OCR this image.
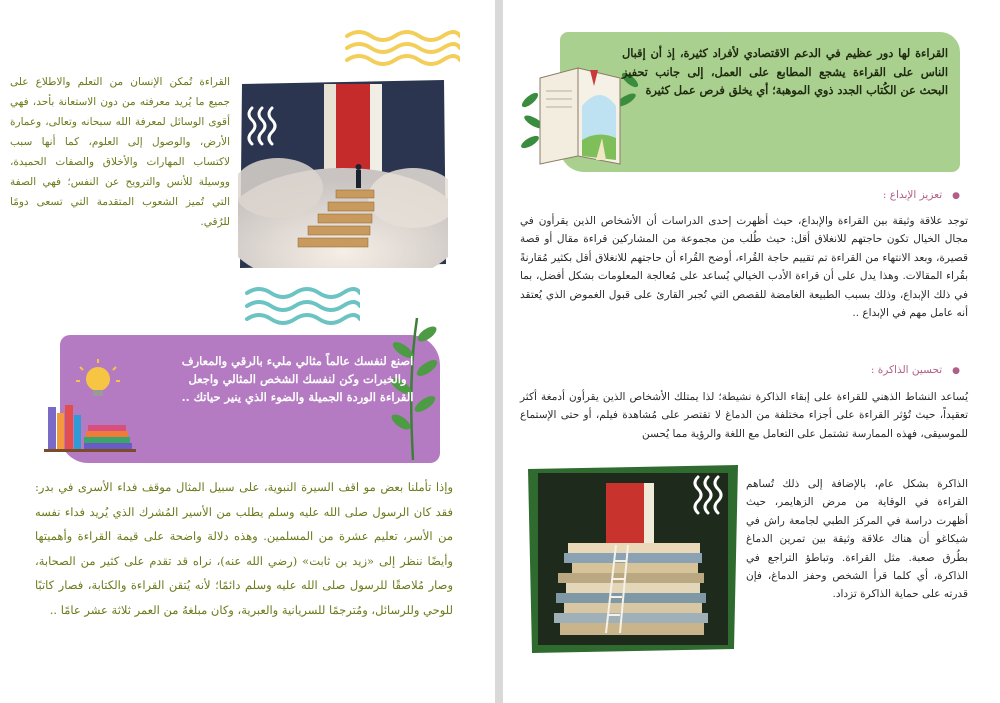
القراءة تُمكن الإنسان من التعلم والاطلاع على جميع ما يُريد معرفته من دون الاستعانة بأحد، فهي أقوى الوسائل لمعرفة الله سبحانه وتعالى، وعمارة الأرض، والوصول إلى العلوم، كما أنها سبب لاكتساب المهارات والأخلاق والصفات الحميدة، ووسيلة للأنس والترويح عن النفس؛ فهي الصفة التي تُميز الشعوب المتقدمة التي تسعى دومًا للرُقي.

اصنع لنفسك عالماً مثالي مليء بالرقي والمعارف والخبرات وكن لنفسك الشخص المثالي واجعل القراءة الوردة الجميلة والضوء الذي ينير حياتك ..

وإذا تأملنا بعض مو اقف السيرة النبوية، على سبيل المثال موقف فداء الأسرى في بدر: فقد كان الرسول صلى الله عليه وسلم يطلب من الأسير المُشرك الذي يُريد فداء نفسه من الأسر، تعليم عشرة من المسلمين. وهذه دلالة واضحة على قيمة القراءة وأهميتها وأيضًا ننظر إلى «زيد بن ثابت» (رضي الله عنه)، نراه قد تقدم على كثير من الصحابة، وصار مُلاصقًا للرسول صلى الله عليه وسلم دائمًا؛ لأنه يُتقن القراءة والكتابة، فصار كاتبًا للوحي وللرسائل، ومُترجمًا للسريانية والعبرية، وكان مبلغهُ من العمر ثلاثة عشر عامًا ..

القراءة لها دور عظيم في الدعم الاقتصادي لأفراد كثيرة، إذ أن إقبال الناس على القراءة يشجع المطابع على العمل، إلى جانب تحفيز البحث عن الكُتاب الجدد ذوي الموهبة؛ أي يخلق فرص عمل كثيرة

●تعزيز الإبداع :

توجد علاقة وثيقة بين القراءة والإبداع، حيث أظهرت إحدى الدراسات أن الأشخاص الذين يقرأون في مجال الخيال تكون حاجتهم للانغلاق أقل: حيث طُلب من مجموعة من المشاركين قراءة مقال أو قصة قصيرة، وبعد الانتهاء من القراءة تم تقييم حاجة القُراء، أوضح القُراء أن حاجتهم للانغلاق أقل بكثير مُقارنةً بقُراء المقالات. وهذا يدل على أن قراءة الأدب الخيالي يُساعد على مُعالجة المعلومات بشكل أفضل، بما في ذلك الإبداع، وذلك بسبب الطبيعة الغامضة للقصص التي تُجبر القارئ على قبول الغموض الذي يُعتقد أنه عامل مهم في الإبداع ..

●تحسين الذاكرة :

يُساعد النشاط الذهني للقراءة على إبقاء الذاكرة نشيطة؛ لذا يمتلك الأشخاص الذين يقرأون أدمغة أكثر تعقيداً، حيث تُؤثر القراءة على أجزاء مختلفة من الدماغ لا تقتصر على مُشاهدة فيلم، أو حتى الإستماع للموسيقى، فهذه الممارسة تشتمل على التعامل مع اللغة والرؤية مما يُحسن

الذاكرة بشكل عام، بالإضافة إلى ذلك تُساهم القراءة في الوقاية من مرض الزهايمر، حيث أظهرت دراسة في المركز الطبي لجامعة راش في شيكاغو أن هناك علاقة وثيقة بين تمرين الدماغ بطُرق صعبة. مثل القراءة. وتباطؤ التراجع في الذاكرة، أي كلما قرأ الشخص وحفز الدماغ، فإن قدرته على حماية الذاكرة تزداد.
